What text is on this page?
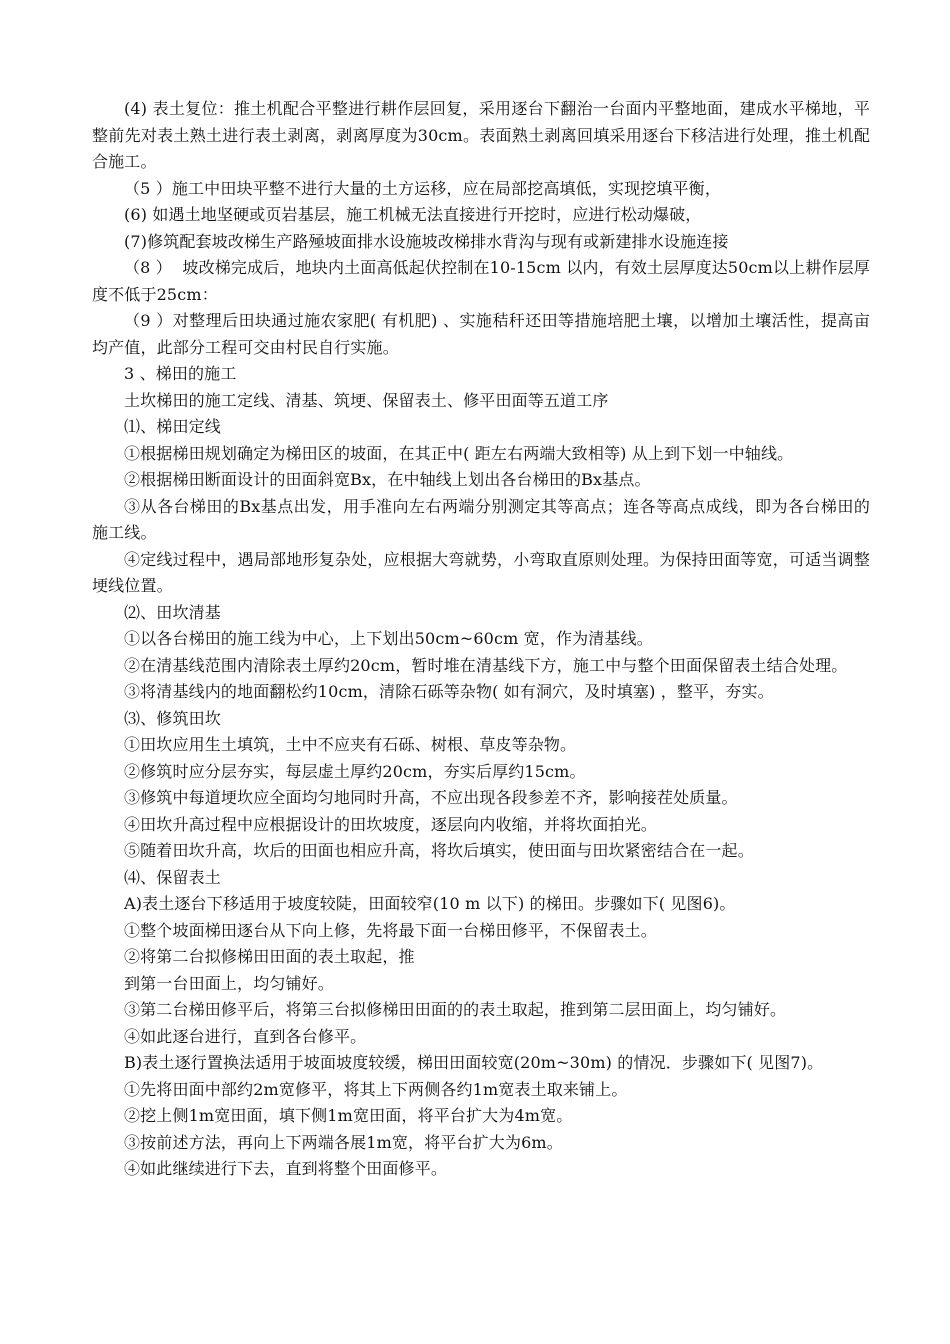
(4) 表土复位：推土机配合平整进行耕作层回复，采用逐台下翻治一台面内平整地面，建成水平梯地，平整前先对表土熟土进行表土剥离，剥离厚度为30cm。表面熟土剥离回填采用逐台下移洁进行处理，推土机配合施工。

（5 ）施工中田块平整不进行大量的土方运移，应在局部挖高填低，实现挖填平衡，

(6) 如遇土地坚硬或页岩基层，施工机械无法直接进行开挖时，应进行松动爆破，

(7)修筑配套坡改梯生产路殛坡面排水设施坡改梯排水背沟与现有或新建排水设施连接

（8 ）  坡改梯完成后，地块内土面高低起伏控制在10-15cm 以内，有效土层厚度达50cm以上耕作层厚度不低于25cm：

（9 ）对整理后田块通过施农家肥( 有机肥) 、实施秸秆还田等措施培肥土壤，以增加土壤活性，提高亩均产值，此部分工程可交由村民自行实施。

3 、梯田的施工

土坎梯田的施工定线、清基、筑埂、保留表土、修平田面等五道工序

⑴、梯田定线

①根据梯田规划确定为梯田区的坡面，在其正中( 距左右两端大致相等) 从上到下划一中轴线。

②根据梯田断面设计的田面斜宽Bx，在中轴线上划出各台梯田的Bx基点。

③从各台梯田的Bx基点出发，用手准向左右两端分别测定其等高点；连各等高点成线，即为各台梯田的施工线。

④定线过程中，遇局部地形复杂处，应根据大弯就势，小弯取直原则处理。为保持田面等宽，可适当调整埂线位置。

⑵、田坎清基

①以各台梯田的施工线为中心，上下划出50cm~60cm 宽，作为清基线。

②在清基线范围内清除表土厚约20cm，暂时堆在清基线下方，施工中与整个田面保留表土结合处理。

③将清基线内的地面翻松约10cm，清除石砾等杂物( 如有洞穴，及时填塞) ，整平，夯实。

⑶、修筑田坎

①田坎应用生土填筑，土中不应夹有石砾、树根、草皮等杂物。

②修筑时应分层夯实，每层虚土厚约20cm，夯实后厚约15cm。

③修筑中每道埂坎应全面均匀地同时升高，不应出现各段参差不齐，影响接茬处质量。

④田坎升高过程中应根据设计的田坎坡度，逐层向内收缩，并将坎面拍光。

⑤随着田坎升高，坎后的田面也相应升高，将坎后填实，使田面与田坎紧密结合在一起。

⑷、保留表土

A)表土逐台下移适用于坡度较陡，田面较窄(10 m 以下) 的梯田。步骤如下( 见图6)。

①整个坡面梯田逐台从下向上修，先将最下面一台梯田修平，不保留表土。

②将第二台拟修梯田田面的表土取起，推

到第一台田面上，均匀铺好。

③第二台梯田修平后，将第三台拟修梯田田面的的表土取起，推到第二层田面上，均匀铺好。

④如此逐台进行，直到各台修平。

B)表土逐行置换法适用于坡面坡度较缓，梯田田面较宽(20m~30m) 的情况．步骤如下( 见图7)。

①先将田面中部约2m宽修平，将其上下两侧各约1m宽表土取来铺上。

②挖上侧1m宽田面，填下侧1m宽田面，将平台扩大为4m宽。

③按前述方法，再向上下两端各展1m宽，将平台扩大为6m。

④如此继续进行下去，直到将整个田面修平。
